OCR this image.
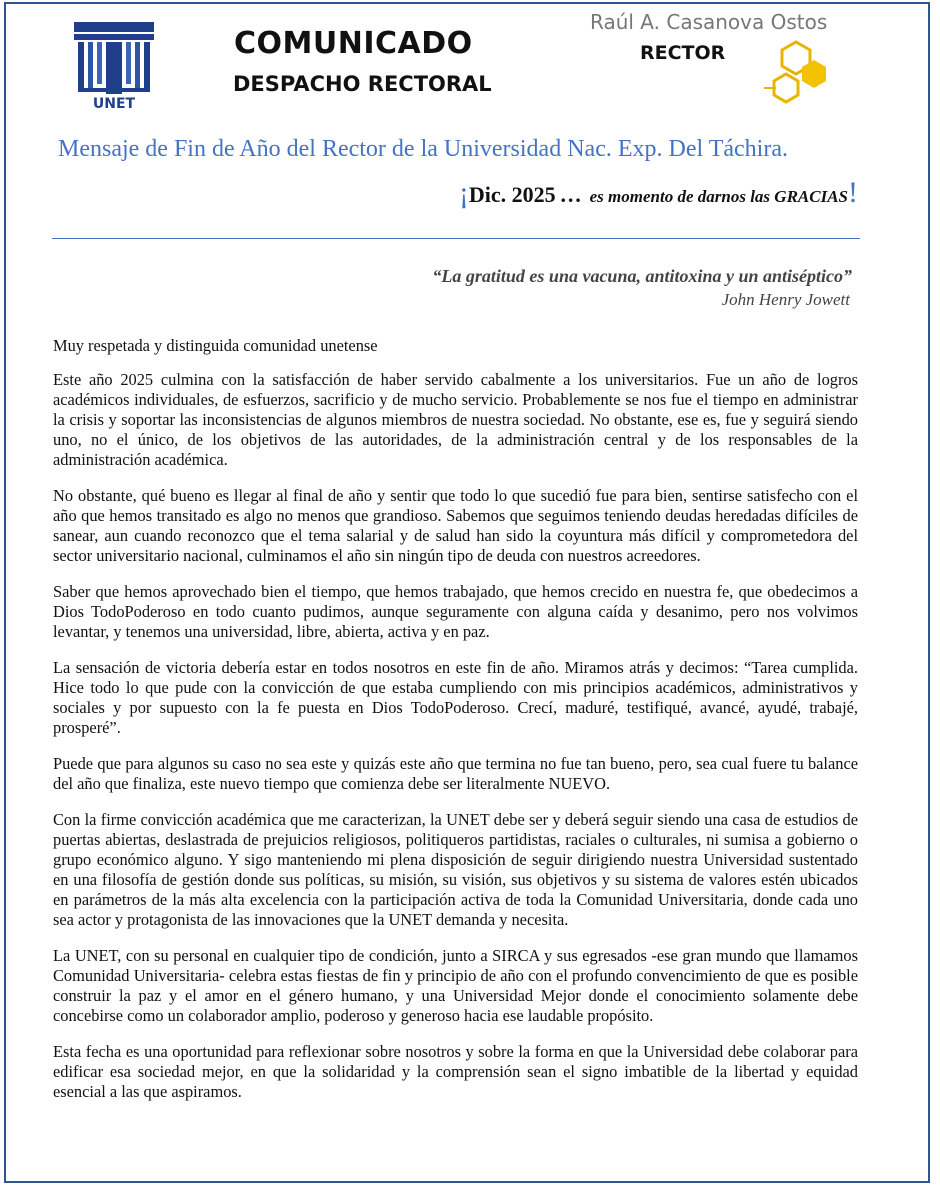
UNET
COMUNICADO
DESPACHO RECTORAL
Raúl A. Casanova Ostos
RECTOR
Mensaje de Fin de Año del Rector de la Universidad Nac. Exp. Del Táchira.
¡Dic. 2025 … es momento de darnos las GRACIAS!
“La gratitud es una vacuna, antitoxina y un antiséptico”
John Henry Jowett

Muy respetada y distinguida comunidad unetense

Este año 2025 culmina con la satisfacción de haber servido cabalmente a los universitarios. Fue un año de logros académicos individuales, de esfuerzos, sacrificio y de mucho servicio. Probablemente se nos fue el tiempo en administrar la crisis y soportar las inconsistencias de algunos miembros de nuestra sociedad. No obstante, ese es, fue y seguirá siendo uno, no el único, de los objetivos de las autoridades, de la administración central y de los responsables de la administración académica.

No obstante, qué bueno es llegar al final de año y sentir que todo lo que sucedió fue para bien, sentirse satisfecho con el año que hemos transitado es algo no menos que grandioso. Sabemos que seguimos teniendo deudas heredadas difíciles de sanear, aun cuando reconozco que el tema salarial y de salud han sido la coyuntura más difícil y comprometedora del sector universitario nacional, culminamos el año sin ningún tipo de deuda con nuestros acreedores.

Saber que hemos aprovechado bien el tiempo, que hemos trabajado, que hemos crecido en nuestra fe, que obedecimos a Dios TodoPoderoso en todo cuanto pudimos, aunque seguramente con alguna caída y desanimo, pero nos volvimos levantar, y tenemos una universidad, libre, abierta, activa y en paz.

La sensación de victoria debería estar en todos nosotros en este fin de año. Miramos atrás y decimos: “Tarea cumplida. Hice todo lo que pude con la convicción de que estaba cumpliendo con mis principios académicos, administrativos y sociales y por supuesto con la fe puesta en Dios TodoPoderoso. Crecí, maduré, testifiqué, avancé, ayudé, trabajé, prosperé”.

Puede que para algunos su caso no sea este y quizás este año que termina no fue tan bueno, pero, sea cual fuere tu balance del año que finaliza, este nuevo tiempo que comienza debe ser literalmente NUEVO.

Con la firme convicción académica que me caracterizan, la UNET debe ser y deberá seguir siendo una casa de estudios de puertas abiertas, deslastrada de prejuicios religiosos, politiqueros partidistas, raciales o culturales, ni sumisa a gobierno o grupo económico alguno. Y sigo manteniendo mi plena disposición de seguir dirigiendo nuestra Universidad sustentado en una filosofía de gestión donde sus políticas, su misión, su visión, sus objetivos y su sistema de valores estén ubicados en parámetros de la más alta excelencia con la participación activa de toda la Comunidad Universitaria, donde cada uno sea actor y protagonista de las innovaciones que la UNET demanda y necesita.

La UNET, con su personal en cualquier tipo de condición, junto a SIRCA y sus egresados -ese gran mundo que llamamos Comunidad Universitaria- celebra estas fiestas de fin y principio de año con el profundo convencimiento de que es posible construir la paz y el amor en el género humano, y una Universidad Mejor donde el conocimiento solamente debe concebirse como un colaborador amplio, poderoso y generoso hacia ese laudable propósito.

Esta fecha es una oportunidad para reflexionar sobre nosotros y sobre la forma en que la Universidad debe colaborar para edificar esa sociedad mejor, en que la solidaridad y la comprensión sean el signo imbatible de la libertad y equidad esencial a las que aspiramos.
